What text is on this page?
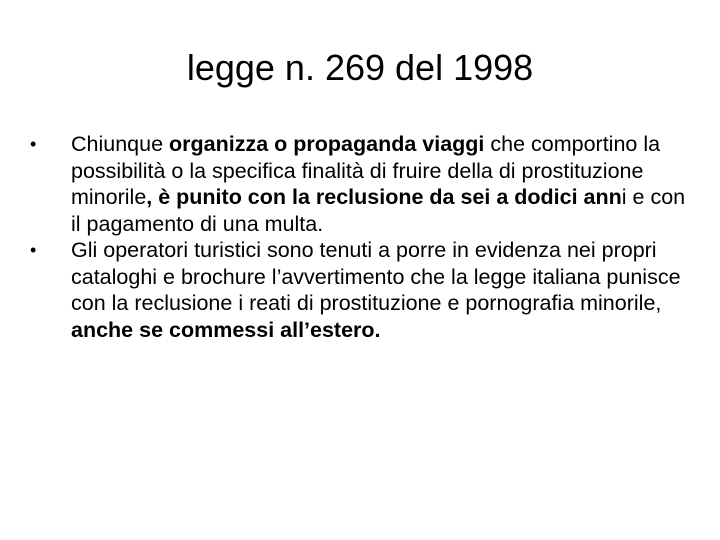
legge n. 269 del 1998
•	Chiunque organizza o propaganda viaggi che comportino la possibilità o la specifica finalità di fruire della di prostituzione minorile, è punito con la reclusione da sei a dodici anni e con il pagamento di una multa.
•	Gli operatori turistici sono tenuti a porre in evidenza nei propri cataloghi e brochure l’avvertimento che la legge italiana punisce con la reclusione i reati di prostituzione e pornografia minorile, anche se commessi all’estero.
